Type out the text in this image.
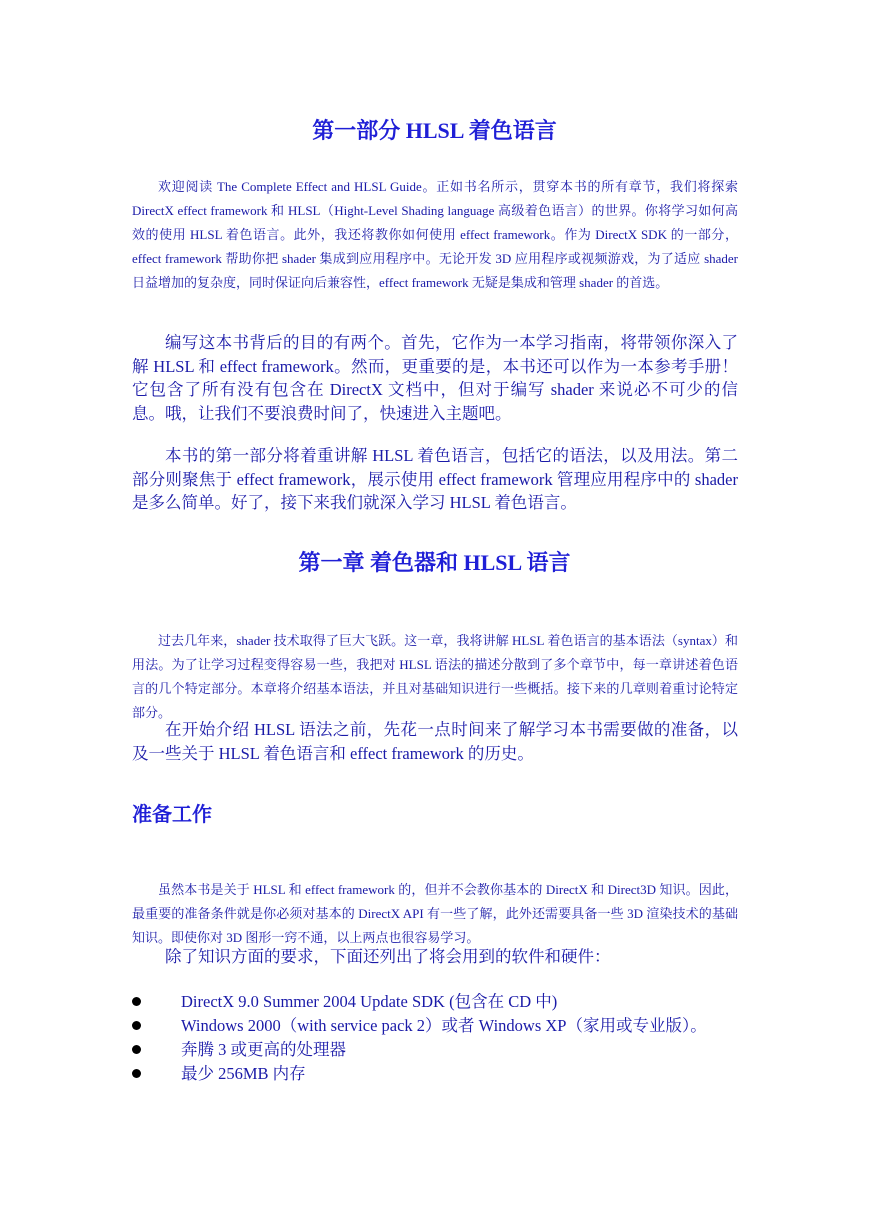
第一部分 HLSL 着色语言

欢迎阅读 The Complete Effect and HLSL Guide。正如书名所示，贯穿本书的所有章节，我们将探索 DirectX effect framework 和 HLSL（Hight-Level Shading language 高级着色语言）的世界。你将学习如何高效的使用 HLSL 着色语言。此外，我还将教你如何使用 effect framework。作为 DirectX SDK 的一部分，effect framework 帮助你把 shader 集成到应用程序中。无论开发 3D 应用程序或视频游戏，为了适应 shader 日益增加的复杂度，同时保证向后兼容性，effect framework 无疑是集成和管理 shader 的首选。

编写这本书背后的目的有两个。首先，它作为一本学习指南，将带领你深入了解 HLSL 和 effect framework。然而，更重要的是，本书还可以作为一本参考手册！它包含了所有没有包含在 DirectX 文档中，但对于编写 shader 来说必不可少的信息。哦，让我们不要浪费时间了，快速进入主题吧。

本书的第一部分将着重讲解 HLSL 着色语言，包括它的语法，以及用法。第二部分则聚焦于 effect framework，展示使用 effect framework 管理应用程序中的 shader 是多么简单。好了，接下来我们就深入学习 HLSL 着色语言。

第一章 着色器和 HLSL 语言

过去几年来，shader 技术取得了巨大飞跃。这一章，我将讲解 HLSL 着色语言的基本语法（syntax）和用法。为了让学习过程变得容易一些，我把对 HLSL 语法的描述分散到了多个章节中，每一章讲述着色语言的几个特定部分。本章将介绍基本语法，并且对基础知识进行一些概括。接下来的几章则着重讨论特定部分。

在开始介绍 HLSL 语法之前，先花一点时间来了解学习本书需要做的准备，以及一些关于 HLSL 着色语言和 effect framework 的历史。

准备工作

虽然本书是关于 HLSL 和 effect framework 的，但并不会教你基本的 DirectX 和 Direct3D 知识。因此，最重要的准备条件就是你必须对基本的 DirectX API 有一些了解，此外还需要具备一些 3D 渲染技术的基础知识。即使你对 3D 图形一窍不通，以上两点也很容易学习。

除了知识方面的要求，下面还列出了将会用到的软件和硬件：

DirectX 9.0 Summer 2004 Update SDK (包含在 CD 中)
Windows 2000（with service pack 2）或者 Windows XP（家用或专业版）。
奔腾 3 或更高的处理器
最少 256MB 内存
